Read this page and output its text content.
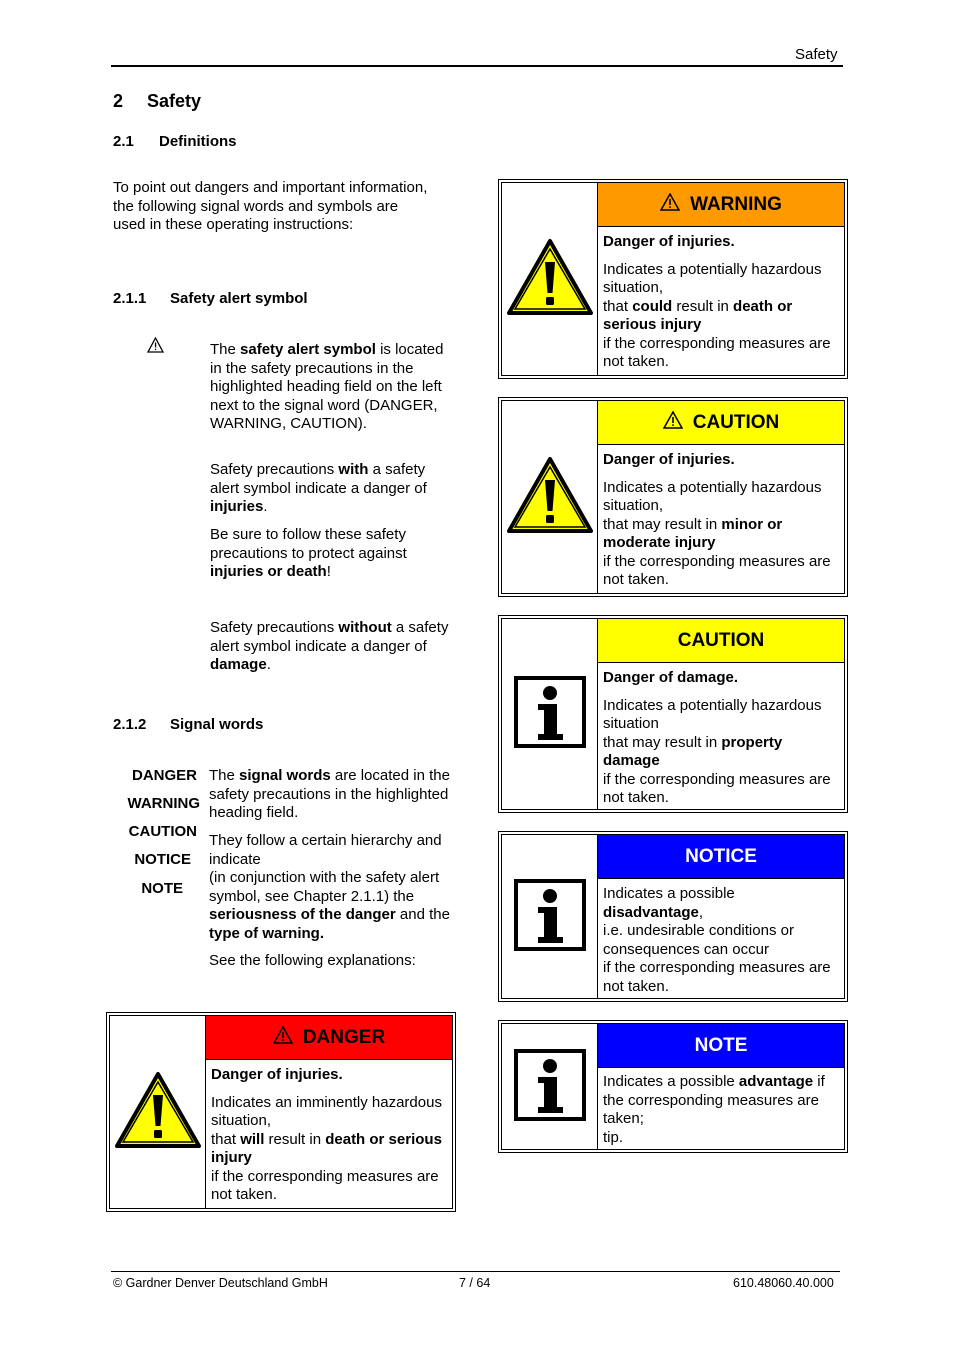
Safety
2 Safety
2.1 Definitions
To point out dangers and important information, the following signal words and symbols are used in these operating instructions:
2.1.1 Safety alert symbol
The safety alert symbol is located in the safety precautions in the highlighted heading field on the left next to the signal word (DANGER, WARNING, CAUTION).
Safety precautions with a safety alert symbol indicate a danger of injuries.
Be sure to follow these safety precautions to protect against injuries or death!
Safety precautions without a safety alert symbol indicate a danger of damage.
2.1.2 Signal words
DANGER
WARNING
CAUTION
NOTICE
NOTE
The signal words are located in the safety precautions in the highlighted heading field.
They follow a certain hierarchy and indicate
(in conjunction with the safety alert symbol, see Chapter 2.1.1) the seriousness of the danger and the type of warning.
See the following explanations:
WARNING

Danger of injuries.

Indicates a potentially hazardous situation,
that could result in death or serious injury
if the corresponding measures are not taken.

CAUTION

Danger of injuries.

Indicates a potentially hazardous situation,
that may result in minor or moderate injury
if the corresponding measures are not taken.

CAUTION

Danger of damage.

Indicates a potentially hazardous situation
that may result in property damage
if the corresponding measures are not taken.

NOTICE

Indicates a possible disadvantage,
i.e. undesirable conditions or consequences can occur
if the corresponding measures are not taken.

NOTE

Indicates a possible advantage if the corresponding measures are taken;
tip.

DANGER

Danger of injuries.

Indicates an imminently hazardous situation,
that will result in death or serious injury
if the corresponding measures are not taken.

© Gardner Denver Deutschland GmbH	7 / 64	610.48060.40.000
